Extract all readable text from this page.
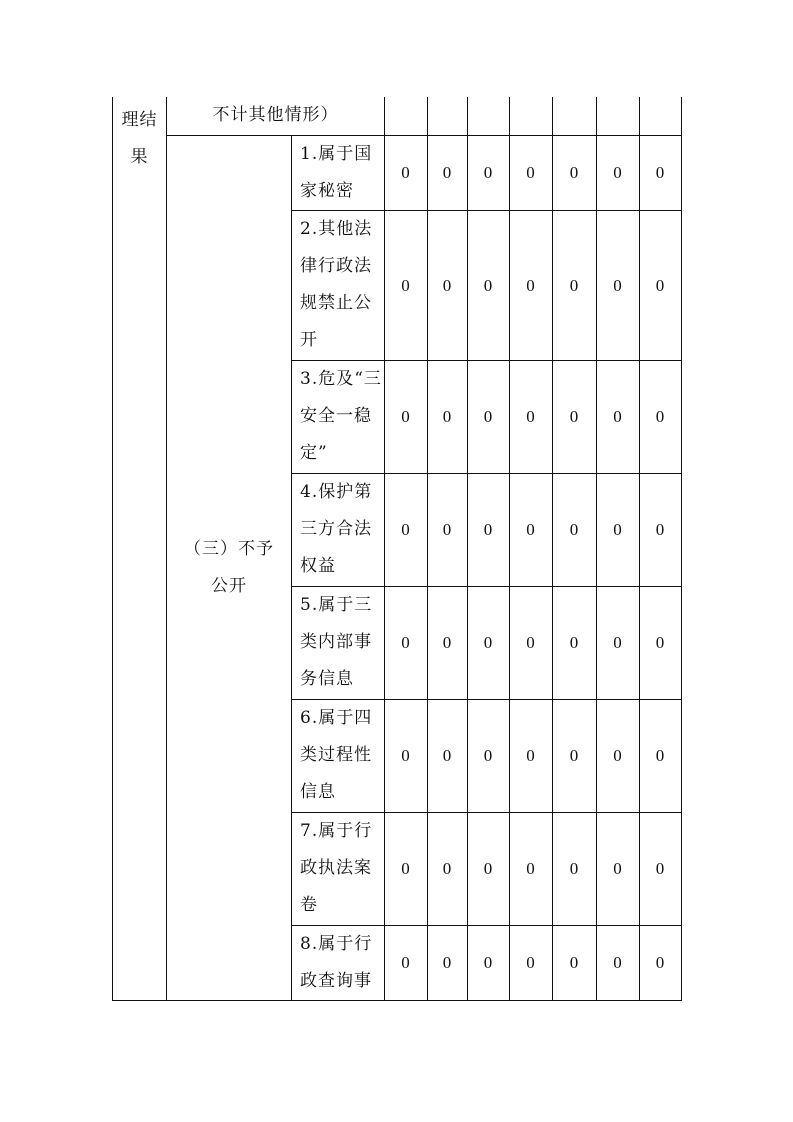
理结果	不计其他情形）								

	（三）不予公开	1.属于国家秘密	0	0	0	0	0	0	0
		2.其他法律行政法规禁止公开	0	0	0	0	0	0	0
		3.危及“三安全一稳定”	0	0	0	0	0	0	0
		4.保护第三方合法权益	0	0	0	0	0	0	0
		5.属于三类内部事务信息	0	0	0	0	0	0	0
		6.属于四类过程性信息	0	0	0	0	0	0	0
		7.属于行政执法案卷	0	0	0	0	0	0	0
		8.属于行政查询事	0	0	0	0	0	0	0
